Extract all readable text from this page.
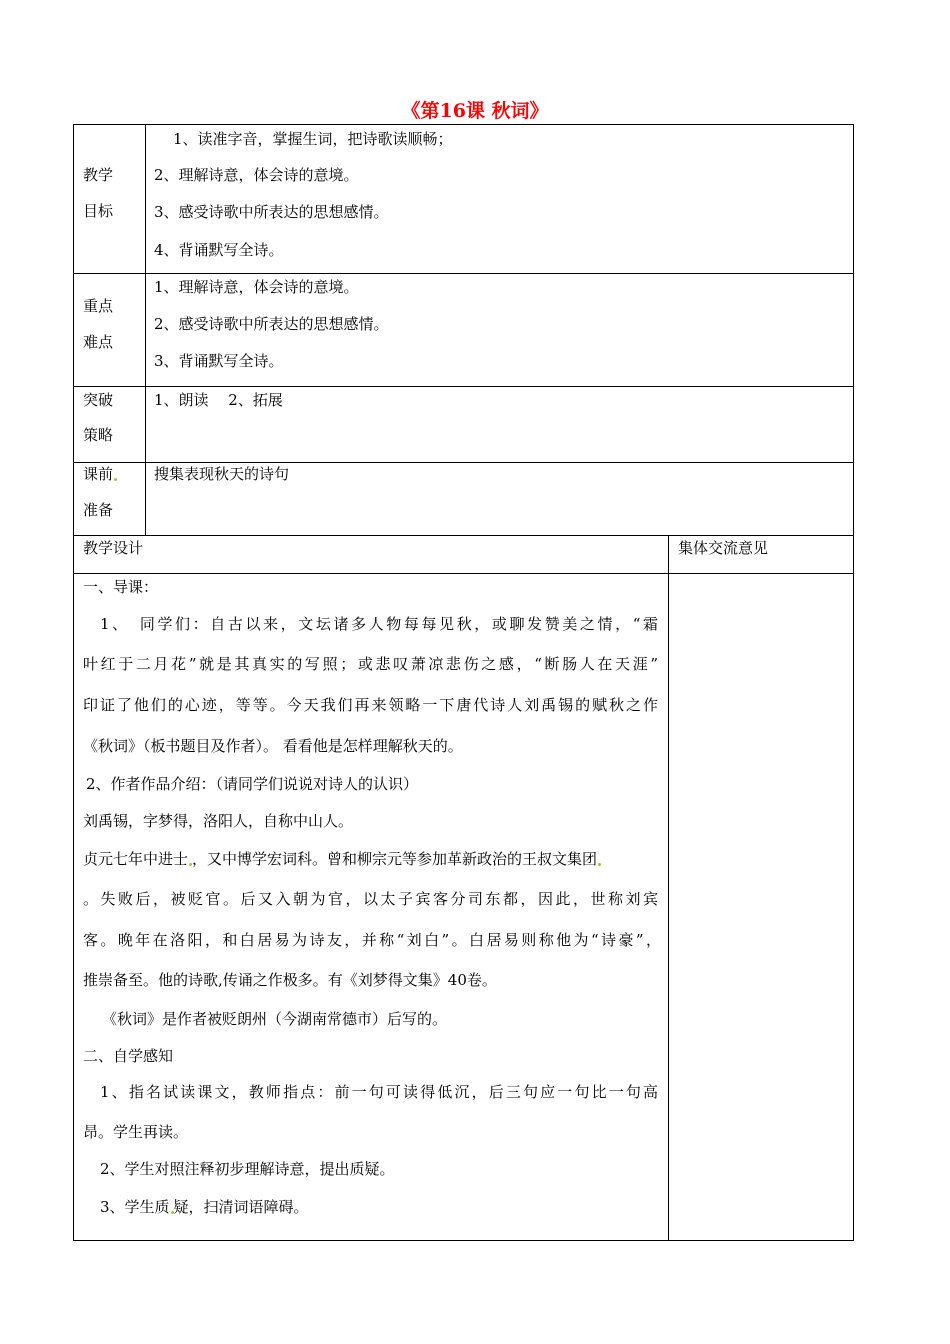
《第16课 秋词》
教学
目标
1、读准字音，掌握生词，把诗歌读顺畅；
2、理解诗意，体会诗的意境。
3、感受诗歌中所表达的思想感情。
4、背诵默写全诗。
重点
难点
1、理解诗意，体会诗的意境。
2、感受诗歌中所表达的思想感情。
3、背诵默写全诗。
突破
策略
1、朗读　 2、拓展
课前
准备
搜集表现秋天的诗句
教学设计	集体交流意见
一、导课：
1、　同学们：自古以来，文坛诸多人物每每见秋，或聊发赞美之情，“霜
叶红于二月花”就是其真实的写照；或悲叹萧凉悲伤之感，“断肠人在天涯”
印证了他们的心迹，等等。今天我们再来领略一下唐代诗人刘禹锡的赋秋之作
《秋词》（板书题目及作者）。 看看他是怎样理解秋天的。
2、作者作品介绍：（请同学们说说对诗人的认识）
刘禹锡，字梦得，洛阳人，自称中山人。
贞元七年中进士 ，又中博学宏词科。曾和柳宗元等参加革新政治的王叔文集团
。失败后，被贬官。后又入朝为官，以太子宾客分司东都，因此，世称刘宾
客。晚年在洛阳，和白居易为诗友，并称“刘白”。白居易则称他为“诗豪”，
推崇备至。他的诗歌,传诵之作极多。有《刘梦得文集》40卷。
《秋词》是作者被贬朗州（今湖南常德市）后写的。
二、自学感知
1、指名试读课文，教师指点：前一句可读得低沉，后三句应一句比一句高
昂。学生再读。
2、学生对照注释初步理解诗意，提出质疑。
3、学生质 疑，扫清词语障碍。
